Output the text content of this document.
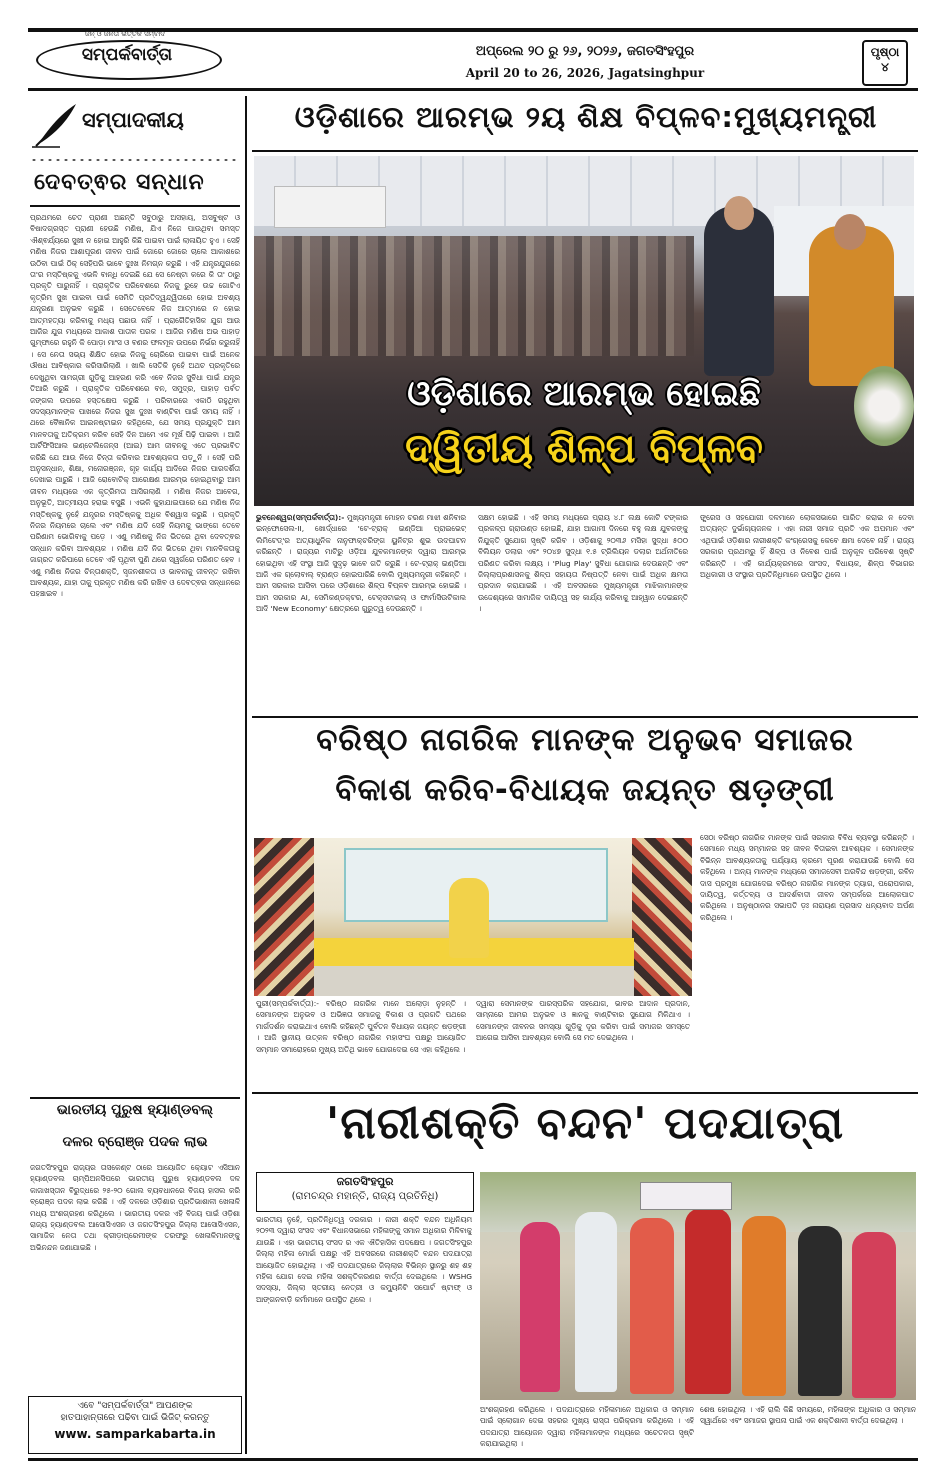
ଜନ୍‍ ଓ ଜନତା ଭିତ୍ତିକ ସମ୍ବାଦ
ସମ୍ପର୍କବାର୍ତ୍ତା	ଅପ୍ରେଲ ୨୦ ରୁ ୨୬, ୨୦୨୬, ଜଗତସିଂହପୁର
April 20 to 26, 2026, Jagatsinghpur
ପୃଷ୍ଠା
୪
ସମ୍ପାଦକୀୟ
ଦେବତ୍ଵର ସନ୍ଧାନ
ପ୍ରଥମରେ ଚେତ ପ୍ରାଣୀ ଅଛନ୍ତି ସବୁଠାରୁ ଅସହାୟ, ଅସବୁଷ୍ଟ ଓ ବିଷାଦଗ୍ରସ୍ତ ପ୍ରାଣୀ ହେଉଛି ମଣିଷ, ଯିଏ ନିଜେ ପାଉଥିବା ସମସ୍ତ ଐଶ୍ଵର୍ଯ୍ୟରେ ସୁଖୀ ନ ହୋଇ ଆହୁରି କିଛି ପାଇବା ପାଇଁ ଲାଳାୟିତ ହୁଏ । ସେହି ମଣିଷ ନିଜର ଆଶାପୂରଣ ଜୀବନ ପାଇଁ ଜୋରେ ଜୋରେ ଚାଲେ ଆକାଶରେ ଉଠିବା ପାଇଁ ଠିକ୍ ସେହିପରି ଭାବେ ଦୁଃଖ ନିମଗ୍ନ କରୁଛି । ଏହି ଯନ୍ତ୍ରଯୁଗରେ ତା'ର ମସ୍ତିଷ୍କକୁ ଏଭଳି ବାନ୍ଧି ଦେଇଛି ଯେ ସେ ନେଷ୍ଟା କରେ କି ତା' ଠାରୁ ପ୍ରକୃତି ପାରୁନାହିଁ । ପ୍ରାକୃତିକ ପରିବେଶରେ ନିଜକୁ ରୁହେ ଉଚ୍ଚ ଗୋଟିଏ କୃତ୍ରିମ ସୁଖ ପାଇବା ପାଇଁ ସେମିତି ପ୍ରତିଦ୍ୱନ୍ଦ୍ୱିତାରେ ହୋଇ ଅବଶ୍ୟ ଯନ୍ତ୍ରଣା ଅନୁଭବ କରୁଛି । ସେତେବେଳେ ନିଜ ଆତ୍ମାରେ ନ ହୋଇ ଆତ୍ମହତ୍ୟା କରିବାକୁ ମଧ୍ୟ ପଛାଉ ନାହିଁ । ପ୍ରାଗୈତିହାସିକ ଯୁଗ ଆଉ ଆଜିର ଯୁଗ ମଧ୍ୟରେ ଆକାଶ ପାତାଳ ପରକ । ଆଜିର ମଣିଷ ଅଭ ପାହାଡ଼ ଗୁମ୍ଫାରେ ରହୁନି କି ପୋଡ଼ା ମାଂସ ଓ ବଣର ଫଳମୂଳ ଉପରେ ନିର୍ଭର କରୁନାହିଁ । ସେ ନେତା ସଭ୍ୟ ଶିକ୍ଷିତ ହୋଇ ନିଜକୁ ଚୋରିରେ ପାଇବା ପାଇଁ ଅନେକ ଔଷଧ ଆବିଷ୍କାର କରିସାରିଲାଣି । ଖାଲି ସେତିକି ନୁହେଁ ଅଥଚ ପ୍ରକୃତିରେ ଦେଖୁଥିବା ସାମଗ୍ରୀ ଗୁଡ଼ିକୁ ଆହରଣ କରି ଏବେ ନିଜର ସୁବିଧା ପାଇଁ ଯନ୍ତ୍ର ତିଆରି କରୁଛି । ପ୍ରାକୃତିକ ପରିବେଶରେ ବନ, ସମୁଦ୍ର, ପାହାଡ଼ ପର୍ବତ ଜଙ୍ଗଲ ଉପରେ ହସ୍ତକ୍ଷେପ କରୁଛି । ପରିବାରରେ ଏକାଠି ରହୁଥିବା ସଦସ୍ୟମାନଙ୍କ ପାଖରେ ନିଜର ସୁଖ ଦୁଃଖ ବାଣ୍ଟିବା ପାଇଁ ସମୟ ନାହିଁ । ଥରେ ବୈଜ୍ଞାନିକ ଆଇନଷ୍ଟାଇନ କହିଥିଲେ, ଯେ ସମୟ ପ୍ରଯୁକ୍ତି ଆମ ମାନବତାକୁ ଅତିକ୍ରମ କରିବ ସେହି ଦିନ ଆମେ ଏକ ମୂର୍ଖ ପିଢ଼ି ପାଇବା । ଆଜି ଆର୍ଟିଫିସିଆଲ ଇଣ୍ଟେଲିଜେନ୍ସ (ଆଇ) ଆମ ଜୀବନକୁ ଏତେ ପ୍ରଭାବିତ କରିଛି ଯେ ଆଉ ନିଜେ ଚିନ୍ତା କରିବାର ଆବଶ୍ୟକତା ପଡ଼ୁନି । ସେହି ପରି ଅନୁସନ୍ଧାନ, ଶିକ୍ଷା, ମନୋରଞ୍ଜନ, ଗୃହ କାର୍ଯ୍ୟ ଆଦିରେ ନିଜର ପାରଦର୍ଶିତା ଦେଖାଇ ପାରୁଛି । ଆଜି ରୋବୋଟିକ୍ ଆରେକ୍ଷଣ ଆରମ୍ଭ ହୋଇଥିବାରୁ ଆମ ଜୀବନ ମଧ୍ୟରେ ଏକ କୃତ୍ରିମତା ଆସିଗଲାଣି । ମଣିଷ ନିଜର ଆବେଗ, ଅନୁଭୂତି, ଆତ୍ମୀୟତା ହରାଇ ବସୁଛି । ଏଭଳି କୁହାଯାଇପାରେ ଯେ ମଣିଷ ନିଜ ମସ୍ତିଷ୍କକୁ ନୁହେଁ ଯନ୍ତ୍ରର ମସ୍ତିଷ୍କକୁ ଅଧିକ ବିଶ୍ୱାସ କରୁଛି । ପ୍ରକୃତି ନିଜର ନିୟମରେ ଚାଲେ ଏବଂ ମଣିଷ ଯଦି ସେହି ନିୟମକୁ ଭାଙ୍ଗେ ତେବେ ପରିଣାମ ଭୋଗିବାକୁ ପଡ଼େ । ଏଣୁ ମଣିଷକୁ ନିଜ ଭିତରେ ଥିବା ଦେବତ୍ଵର ସନ୍ଧାନ କରିବା ଆବଶ୍ୟକ । ମଣିଷ ଯଦି ନିଜ ଭିତରେ ଥିବା ମାନବିକତାକୁ ଜାଗ୍ରତ କରିପାରେ ତେବେ ଏହି ପୃଥିବୀ ପୁଣି ଥରେ ସ୍ୱର୍ଗରେ ପରିଣତ ହେବ । ଏଣୁ ମଣିଷ ନିଜର ଚିନ୍ତାଶକ୍ତି, ସୃଜନଶୀଳତା ଓ ଭାବନାକୁ ଜୀବନ୍ତ ରଖିବା ଆବଶ୍ୟକ, ଯାହା ତାକୁ ପ୍ରକୃତ ମଣିଷ କରି ରଖିବ ଓ ଦେବତ୍ଵର ସନ୍ଧାନରେ ପହଞ୍ଚାଇବ ।
ଭାରତୀୟ ପୁରୁଷ ହ୍ୟାଣ୍ଡବଲ୍
ଦଳର ବ୍ରୋଞ୍ଜ ପଦକ ଲାଭ
ଜଗତସିଂହପୁର ରାଜ୍ୟର ତାସକେଣ୍ଟ ଠାରେ ଆୟୋଜିତ କ୍ୟୋଟ ଏସିଆନ ହ୍ୟାଣ୍ଡବଲ ଚାମ୍ପିଅନସିପରେ ଭାରତୀୟ ପୁରୁଷ ହ୍ୟାଣ୍ଡବଲ ଦଳ କାଜାଖସ୍ତାନ ବିରୁଦ୍ଧରେ ୨୫-୨୦ ଗୋଲ ବ୍ୟବଧାନରେ ବିଜୟ ହାସଲ କରି ବ୍ରୋଞ୍ଜ ପଦକ ଲାଭ କରିଛି । ଏହି ଦଳରେ ଓଡ଼ିଶାର ପ୍ରତିଭାଶାଳୀ ଖେଳାଳି ମଧ୍ୟ ଅଂଶଗ୍ରହଣ କରିଥିଲେ । ଭାରତୀୟ ଦଳର ଏହି ବିଜୟ ପାଇଁ ଓଡ଼ିଶା ରାଜ୍ୟ ହ୍ୟାଣ୍ଡବଲ ଆସୋସିଏସନ ଓ ଜଗତସିଂହପୁର ଜିଲ୍ଲା ଆସୋସିଏସନ, ସାମାଜିକ ନେତା ତଥା କ୍ରୀଡ଼ାପ୍ରେମୀଙ୍କ ତରଫରୁ ଖେଳାଳିମାନଙ୍କୁ ଅଭିନନ୍ଦନ ଜଣାଯାଇଛି ।
ଏବେ "ସମ୍ପର୍କବାର୍ତ୍ତା" ଆପଣଙ୍କ
ହାତପାହାନ୍ତାରେ ପଢିବା ପାଇଁ ଭିଜିଟ୍ କରନ୍ତୁ
www. samparkabarta.in
ଓଡ଼ିଶାରେ ଆରମ୍ଭ ୨ୟ ଶିକ୍ଷ ବିପ୍ଳବ:ମୁଖ୍ୟମନ୍ତ୍ରୀ
ଓଡ଼ିଶାରେ ଆରମ୍ଭ ହୋଇଛି
ଦ୍ୱିତୀୟ ଶିଳ୍ପ ବିପ୍ଳବ
ଭୁବନେଶ୍ୱର(ସମ୍ପର୍କବାର୍ତ୍ତା):- ମୁଖ୍ୟମନ୍ତ୍ରୀ ମୋହନ ଚରଣ ମାଝୀ ଶନିବାର ଇନ୍‌ଫୋସେଲ-II, ଖୋର୍ଦ୍ଧାରେ 'ଟେ-ଟ୍ରାକ୍ ଇଣ୍ଡିଆ ପ୍ରାଇଭେଟ୍ ଲିମିଟେଡ୍'ର ଅତ୍ୟାଧୁନିକ ନାନୁଫାକ୍ଚରିଙ୍ଗ ୟୁନିଟ୍‌ର ଶୁଭ ଉଦଘାଟନ କରିଛନ୍ତି । ରାଜ୍ୟର ମାଟିରୁ ଓଡ଼ିଆ ଯୁବକମାନଙ୍କ ଦ୍ୱାରା ଆରମ୍ଭ ହୋଇଥିବା ଏହି ସଂସ୍ଥା ଆଜି ସୁଦୃଢ଼ ଭାବେ ଗତି କରୁଛି । ଟେ-ଟ୍ରାକ୍ ଇଣ୍ଡିଆ ଆଜି ଏକ ଗ୍ଲୋବାଲ୍ ବ୍ରାଣ୍ଡ ହୋଇପାରିଛି ବୋଲି ମୁଖ୍ୟମନ୍ତ୍ରୀ କହିଛନ୍ତି । ଆମ ସରକାର ଆସିବା ପରେ ଓଡ଼ିଶାରେ ଶିଳ୍ପ ବିପ୍ଳବ ଆରମ୍ଭ ହୋଇଛି । ଆମ ସରକାର AI, ସେମିକଣ୍ଡକ୍ଟର, ଟେକ୍ସଟାଇଲ୍ ଓ ଫାର୍ମାସିଉଟିକାଲ ଆଦି 'New Economy' କ୍ଷେତ୍ରରେ ଗୁରୁତ୍ୱ ଦେଉଛନ୍ତି ।
ସକ୍ଷମ ହୋଇଛି । ଏହି ସମୟ ମଧ୍ୟରେ ପ୍ରାୟ ୪.୮ ଲକ୍ଷ କୋଟି ଟଙ୍କାର ପ୍ରକଳ୍ପ ଗ୍ରାଉଣ୍ଡ ହୋଇଛି, ଯାହା ଆଗାମୀ ଦିନରେ ବହୁ ଲକ୍ଷ ଯୁବକଙ୍କୁ ନିଯୁକ୍ତି ସୁଯୋଗ ସୃଷ୍ଟି କରିବ । ଓଡ଼ିଶାକୁ ୨୦୩୬ ମସିହା ସୁଦ୍ଧା ୫୦୦ ବିଲିୟନ ଡଲାର ଏବଂ ୨୦୪୭ ସୁଦ୍ଧା ୧.୫ ଟ୍ରିଲିୟନ ଡଲାର ଅର୍ଥନୀତିରେ ପରିଣତ କରିବା ଲକ୍ଷ୍ୟ । 'Plug Play' ସୁବିଧା ଯୋଗାଇ ଦେଉଛନ୍ତି ଏବଂ ଜିଲ୍ଲାପ୍ରଶାସନକୁ ଶିଳ୍ପ ସହାୟତା ନିଷ୍ପତ୍ତି ନେବା ପାଇଁ ଅଧିକ କ୍ଷମତା ପ୍ରଦାନ କରାଯାଇଛି । ଏହି ଅବସରରେ ମୁଖ୍ୟମନ୍ତ୍ରୀ ମାଝିକାମାନଙ୍କ ଉଦ୍ଦେଶ୍ୟରେ ସାମାଜିକ ଦାୟିତ୍ୱ ସହ କାର୍ଯ୍ୟ କରିବାକୁ ଆହ୍ୱାନ ଦେଇଛନ୍ତି ।
ଙ୍ଗ୍ରେସ ଓ ସହଯୋଗୀ ଦଳମାନେ ଲୋକସଭାରେ ପାରିତ କରାଇ ନ ଦେବା ଅତ୍ୟନ୍ତ ଦୁର୍ଭାଗ୍ୟଜନକ । ଏହା ନାରୀ ସମାଜ ପ୍ରତି ଏକ ଅପମାନ ଏବଂ ଏଥିପାଇଁ ଓଡ଼ିଶାର ନାରୀଶକ୍ତି କଂଗ୍ରେସକୁ କେବେ କ୍ଷମା ଦେବେ ନାହିଁ । ରାଜ୍ୟ ସରକାର ପ୍ରଥମରୁ ହିଁ ଶିଳ୍ପ ଓ ନିବେଶ ପାଇଁ ଅନୁକୂଳ ପରିବେଶ ସୃଷ୍ଟି କରିଛନ୍ତି । ଏହି କାର୍ଯ୍ୟକ୍ରମରେ ସାଂସଦ, ବିଧାୟକ, ଶିଳ୍ପ ବିଭାଗର ଅଧିକାରୀ ଓ ସଂସ୍ଥାର ପ୍ରତିନିଧିମାନେ ଉପସ୍ଥିତ ଥିଲେ ।
ବରିଷ୍ଠ ନାଗରିକ ମାନଙ୍କ ଅନୁଭବ ସମାଜର
ବିକାଶ କରିବ-ବିଧାୟକ ଜୟନ୍ତ ଷଡ଼ଙ୍ଗୀ
ସେଠା ବରିଷ୍ଠ ନାଗରିକ ମାନଙ୍କ ପାଇଁ ସରକାର ବିବିଧ ବ୍ୟବସ୍ଥା କରିଛନ୍ତି । ସେମାନେ ମଧ୍ୟ ସମ୍ମାନର ସହ ଜୀବନ ବିତାଇବା ଆବଶ୍ୟକ । ସେମାନଙ୍କ ବିଭିନ୍ନ ଆବଶ୍ୟକତାକୁ ପର୍ଯ୍ୟାୟ କ୍ରମେ ପୂରଣ କରାଯାଉଛି ବୋଲି ସେ କହିଥିଲେ । ଅନ୍ୟ ମାନଙ୍କ ମଧ୍ୟରେ ସମାଜସେବୀ ଅରବିନ୍ଦ ଷଡ଼ଙ୍ଗୀ, ରବିନ ଦାସ ପ୍ରମୁଖ ଯୋଗଦେଇ ବରିଷ୍ଠ ନାଗରିକ ମାନଙ୍କ ତ୍ୟାଗ, ପରୋପକାର, ଦାୟିତ୍ୱ, କର୍ତ୍ତବ୍ୟ ଓ ଆଦର୍ଶବାଦୀ ଜୀବନ ସମ୍ପର୍କରେ ଆଲୋକପାତ କରିଥିଲେ । ଅନୁଷ୍ଠାନର ସଭାପତି ଡ଼ଃ ନାରାୟଣ ପ୍ରସାଦ ଧନ୍ୟବାଦ ଅର୍ପଣ କରିଥିଲେ ।
ପୁରୀ(ସମ୍ପର୍କବାର୍ତ୍ତା):- ବରିଷ୍ଠ ନାଗରିକ ମାନେ ଅଲୋଡ଼ା ନୁହନ୍ତି । ସେମାନଙ୍କ ଅନୁଭବ ଓ ଅଭିଜ୍ଞତା ସମାଜକୁ ବିକାଶ ଓ ପ୍ରଗତି ପଥରେ ମାର୍ଗଦର୍ଶନ କରାଇଥାଏ ବୋଲି କହିଛନ୍ତି ପୁର୍ବତନ ବିଧାୟକ ଜୟନ୍ତ ଷଡ଼ଙ୍ଗୀ । ଆଜି ସ୍ଥାନୀୟ ଉତ୍କଳ ବରିଷ୍ଠ ନାଗରିକ ମହାସଂଘ ପକ୍ଷରୁ ଆୟୋଜିତ ସମ୍ମାନ ସମାରୋହରେ ମୁଖ୍ୟ ଅତିଥି ଭାବେ ଯୋଗଦେଇ ସେ ଏହା କହିଥିଲେ ।
ଦ୍ୱାରା ସେମାନଙ୍କ ପାରସ୍ପରିକ ସହଯୋଗ, ଭାବର ଆଦାନ ପ୍ରଦାନ, ସାମ୍ନାରେ ଆମର ଅନୁଭବ ଓ ଜ୍ଞାନକୁ ବାଣ୍ଟିବାର ସୁଯୋଗ ମିଳିଥାଏ । ସେମାନଙ୍କ ଜୀବନର ସମସ୍ୟା ଗୁଡ଼ିକୁ ଦୂର କରିବା ପାଇଁ ସମାଜର ସମସ୍ତେ ଆଗେଇ ଆସିବା ଆବଶ୍ୟକ ବୋଲି ସେ ମତ ଦେଇଥିଲେ ।
'ନାରୀଶକ୍ତି ବନ୍ଦନ' ପଦଯାତ୍ରା
ଜଗତସିଂହପୁର
(ରାମଚନ୍ଦ୍ର ମହାନ୍ତି, ରାଜ୍ୟ ପ୍ରତିନିଧି)
ଭାରତୀୟ ନୁହେଁ, ପ୍ରତିନିଧିତ୍ୱ ଦରକାର । ନାରୀ ଶକ୍ତି ବନ୍ଦନ ଅଧିନିୟମ ୨୦୨୩ ଦ୍ୱାରା ସଂସଦ ଏବଂ ବିଧାନସଭାରେ ମହିଳାଙ୍କୁ ସମାନ ଅଧିକାର ମିଳିବାକୁ ଯାଉଛି । ଏହା ଭାରତୀୟ ସଂସଦ ର ଏକ ଐତିହାସିକ ପଦକ୍ଷେପ । ଜଗତସିଂହପୁର ଜିଲ୍ଲା ମହିଳା ମୋର୍ଚ୍ଚା ପକ୍ଷରୁ ଏହି ଅବସରରେ ନାରୀଶକ୍ତି ବନ୍ଦନ ପଦଯାତ୍ରା ଆୟୋଜିତ ହୋଇଥିଲା । ଏହି ପଦଯାତ୍ରାରେ ଜିଲ୍ଲାର ବିଭିନ୍ନ ସ୍ଥାନରୁ ଶହ ଶହ ମହିଳା ଯୋଗ ଦେଇ ମହିଳା ସଶକ୍ତିକରଣର ବାର୍ତ୍ତା ଦେଇଥିଲେ । WSHG ସଦସ୍ୟା, ଜିଲ୍ଲା ସ୍ତରୀୟ ନେତ୍ରୀ ଓ କମ୍ୟୁନିଟି ସପୋର୍ଟ ଷ୍ଟାଫ୍ ଓ ଆଙ୍ଗନବାଡ଼ି କର୍ମୀମାନେ ଉପସ୍ଥିତ ଥିଲେ ।
ଅଂଶଗ୍ରହଣ କରିଥିଲେ । ପଦଯାତ୍ରାରେ ମହିଳାମାନେ ଅଧିକାର ଓ ସମ୍ମାନ ପାଇଁ ସ୍ଲୋଗାନ ଦେଇ ସହରର ମୁଖ୍ୟ ରାସ୍ତା ପରିକ୍ରମା କରିଥିଲେ । ଏହି ପଦଯାତ୍ରା ଆୟୋଜନ ଦ୍ୱାରା ମହିଳାମାନଙ୍କ ମଧ୍ୟରେ ସଚେତନତା ସୃଷ୍ଟି କରାଯାଇଥିଲା ।
ଶେଷ ହୋଇଥିଲା । ଏହି ରାଲି କିଛି ସମୟରେ, ମହିଳାଙ୍କ ଅଧିକାର ଓ ସମ୍ମାନ ସ୍ୱାର୍ଥରେ ଏବଂ ସମାଜର ସ୍ଥାପନା ପାଇଁ ଏକ ଶକ୍ତିଶାଳୀ ବାର୍ତ୍ତା ଦେଇଥିଲା ।
